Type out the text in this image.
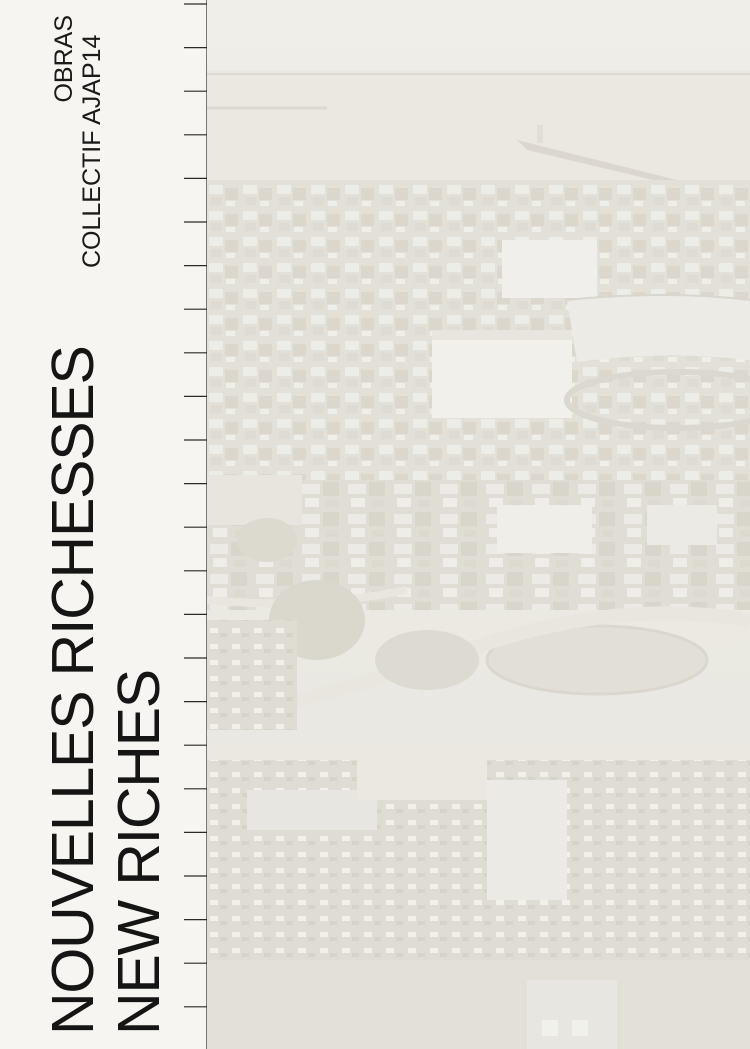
NOUVELLES RICHESSES NEW RICHES
OBRAS COLLECTIF AJAP14
